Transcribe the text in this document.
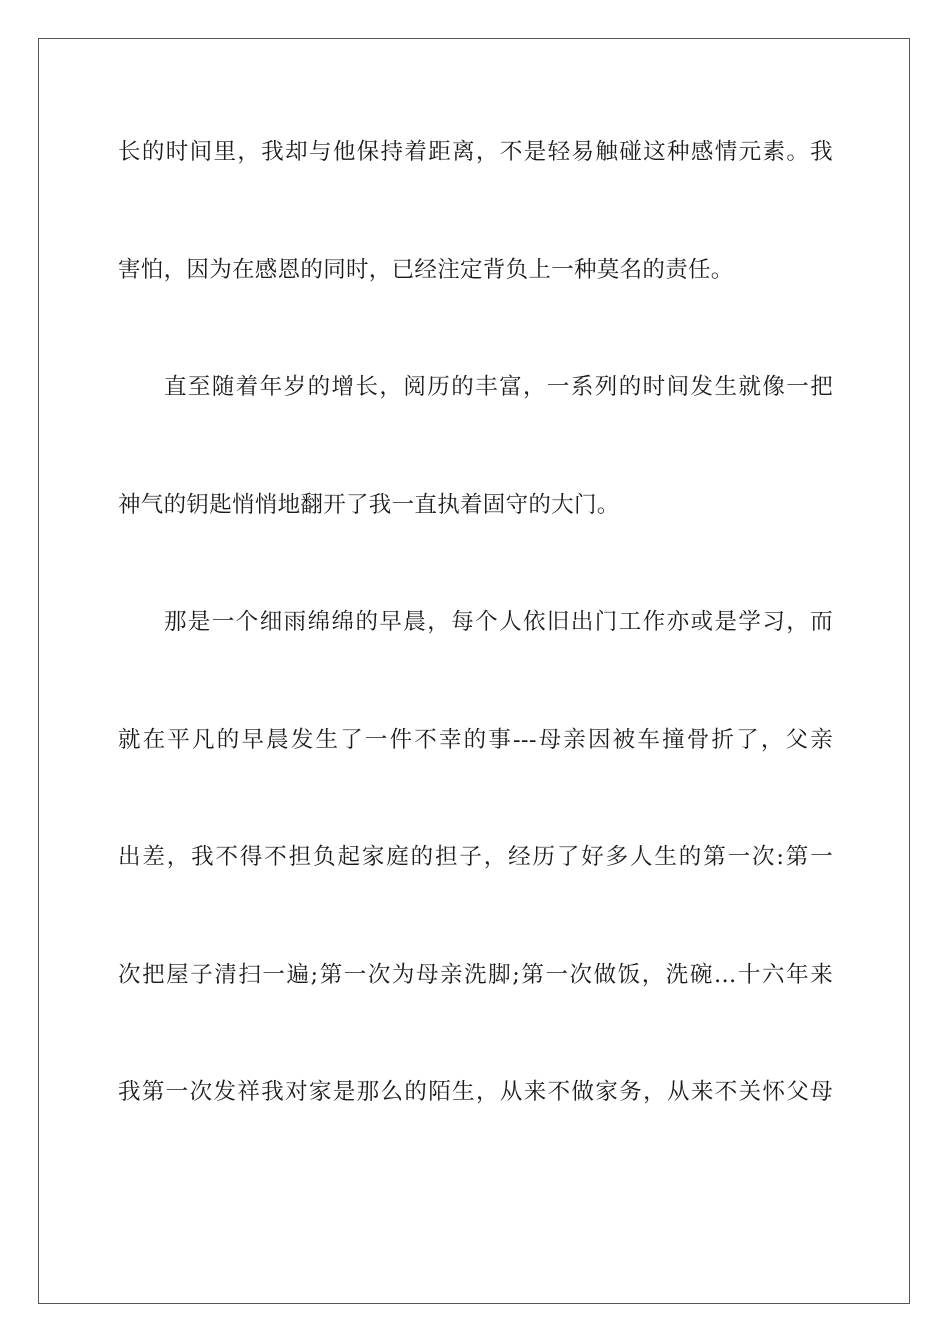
长的时间里，我却与他保持着距离，不是轻易触碰这种感情元素。我
害怕，因为在感恩的同时，已经注定背负上一种莫名的责任。
直至随着年岁的增长，阅历的丰富，一系列的时间发生就像一把
神气的钥匙悄悄地翻开了我一直执着固守的大门。
那是一个细雨绵绵的早晨，每个人依旧出门工作亦或是学习，而
就在平凡的早晨发生了一件不幸的事---母亲因被车撞骨折了，父亲
出差，我不得不担负起家庭的担子，经历了好多人生的第一次:第一
次把屋子清扫一遍;第一次为母亲洗脚;第一次做饭，洗碗…十六年来
我第一次发祥我对家是那么的陌生，从来不做家务，从来不关怀父母
